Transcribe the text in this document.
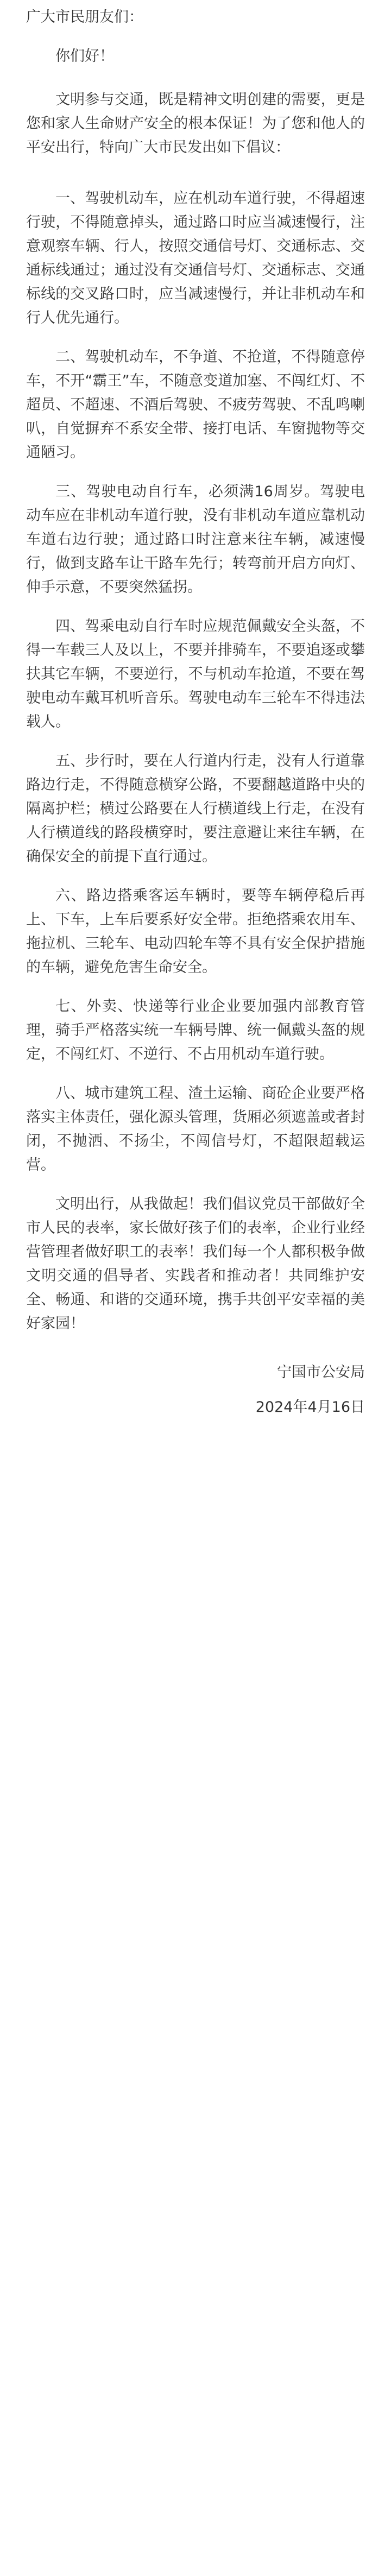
广大市民朋友们：

你们好！

文明参与交通，既是精神文明创建的需要，更是您和家人生命财产安全的根本保证！为了您和他人的平安出行，特向广大市民发出如下倡议：

一、驾驶机动车，应在机动车道行驶，不得超速行驶，不得随意掉头，通过路口时应当减速慢行，注意观察车辆、行人，按照交通信号灯、交通标志、交通标线通过；通过没有交通信号灯、交通标志、交通标线的交叉路口时，应当减速慢行，并让非机动车和行人优先通行。

二、驾驶机动车，不争道、不抢道，不得随意停车，不开“霸王”车，不随意变道加塞、不闯红灯、不超员、不超速、不酒后驾驶、不疲劳驾驶、不乱鸣喇叭，自觉摒弃不系安全带、接打电话、车窗抛物等交通陋习。

三、驾驶电动自行车，必须满16周岁。驾驶电动车应在非机动车道行驶，没有非机动车道应靠机动车道右边行驶；通过路口时注意来往车辆，减速慢行，做到支路车让干路车先行；转弯前开启方向灯、伸手示意，不要突然猛拐。

四、驾乘电动自行车时应规范佩戴安全头盔，不得一车载三人及以上，不要并排骑车，不要追逐或攀扶其它车辆，不要逆行，不与机动车抢道，不要在驾驶电动车戴耳机听音乐。驾驶电动车三轮车不得违法载人。

五、步行时，要在人行道内行走，没有人行道靠路边行走，不得随意横穿公路，不要翻越道路中央的隔离护栏；横过公路要在人行横道线上行走，在没有人行横道线的路段横穿时，要注意避让来往车辆，在确保安全的前提下直行通过。

六、路边搭乘客运车辆时，要等车辆停稳后再上、下车，上车后要系好安全带。拒绝搭乘农用车、拖拉机、三轮车、电动四轮车等不具有安全保护措施的车辆，避免危害生命安全。

七、外卖、快递等行业企业要加强内部教育管理，骑手严格落实统一车辆号牌、统一佩戴头盔的规定，不闯红灯、不逆行、不占用机动车道行驶。

八、城市建筑工程、渣土运输、商砼企业要严格落实主体责任，强化源头管理，货厢必须遮盖或者封闭，不抛洒、不扬尘，不闯信号灯，不超限超载运营。

文明出行，从我做起！我们倡议党员干部做好全市人民的表率，家长做好孩子们的表率，企业行业经营管理者做好职工的表率！我们每一个人都积极争做文明交通的倡导者、实践者和推动者！共同维护安全、畅通、和谐的交通环境，携手共创平安幸福的美好家园！

宁国市公安局

2024年4月16日
